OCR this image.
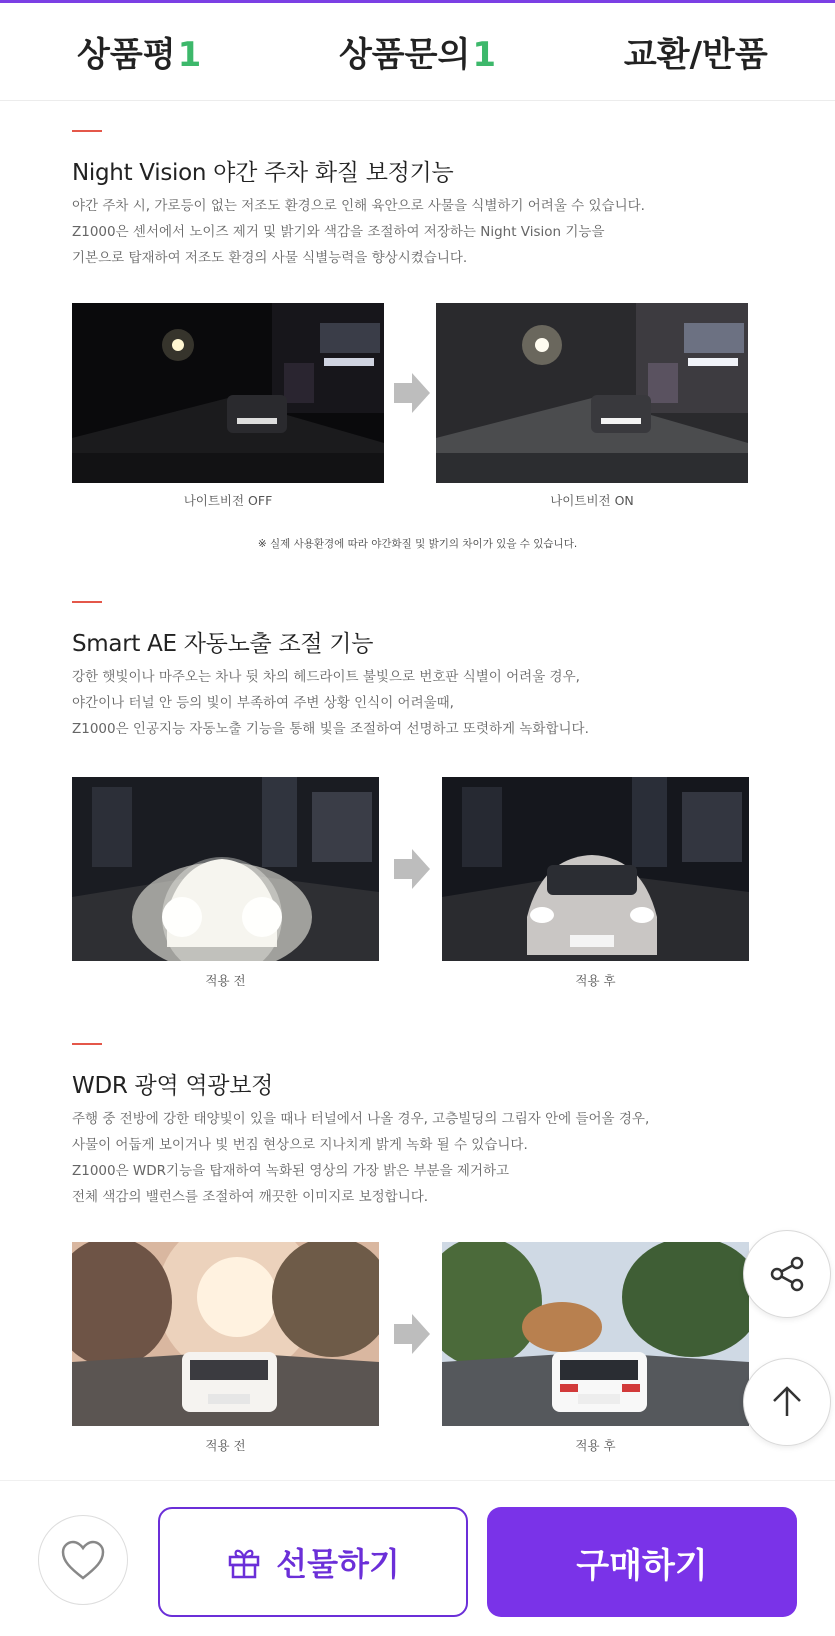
상품평1	상품문의1	교환/반품
Night Vision 야간 주차 화질 보정기능
야간 주차 시, 가로등이 없는 저조도 환경으로 인해 육안으로 사물을 식별하기 어려울 수 있습니다.
Z1000은 센서에서 노이즈 제거 및 밝기와 색감을 조절하여 저장하는 Night Vision 기능을
기본으로 탑재하여 저조도 환경의 사물 식별능력을 향상시켰습니다.
나이트비전 OFF	나이트비전 ON
※ 실제 사용환경에 따라 야간화질 및 밝기의 차이가 있을 수 있습니다.
Smart AE 자동노출 조절 기능
강한 햇빛이나 마주오는 차나 뒷 차의 헤드라이트 불빛으로 번호판 식별이 어려울 경우,
야간이나 터널 안 등의 빛이 부족하여 주변 상황 인식이 어려울때,
Z1000은 인공지능 자동노출 기능을 통해 빛을 조절하여 선명하고 또렷하게 녹화합니다.
적용 전	적용 후
WDR 광역 역광보정
주행 중 전방에 강한 태양빛이 있을 때나 터널에서 나올 경우, 고층빌딩의 그림자 안에 들어올 경우,
사물이 어둡게 보이거나 빛 번짐 현상으로 지나치게 밝게 녹화 될 수 있습니다.
Z1000은 WDR기능을 탑재하여 녹화된 영상의 가장 밝은 부분을 제거하고
전체 색감의 밸런스를 조절하여 깨끗한 이미지로 보정합니다.
적용 전	적용 후
선물하기	구매하기
